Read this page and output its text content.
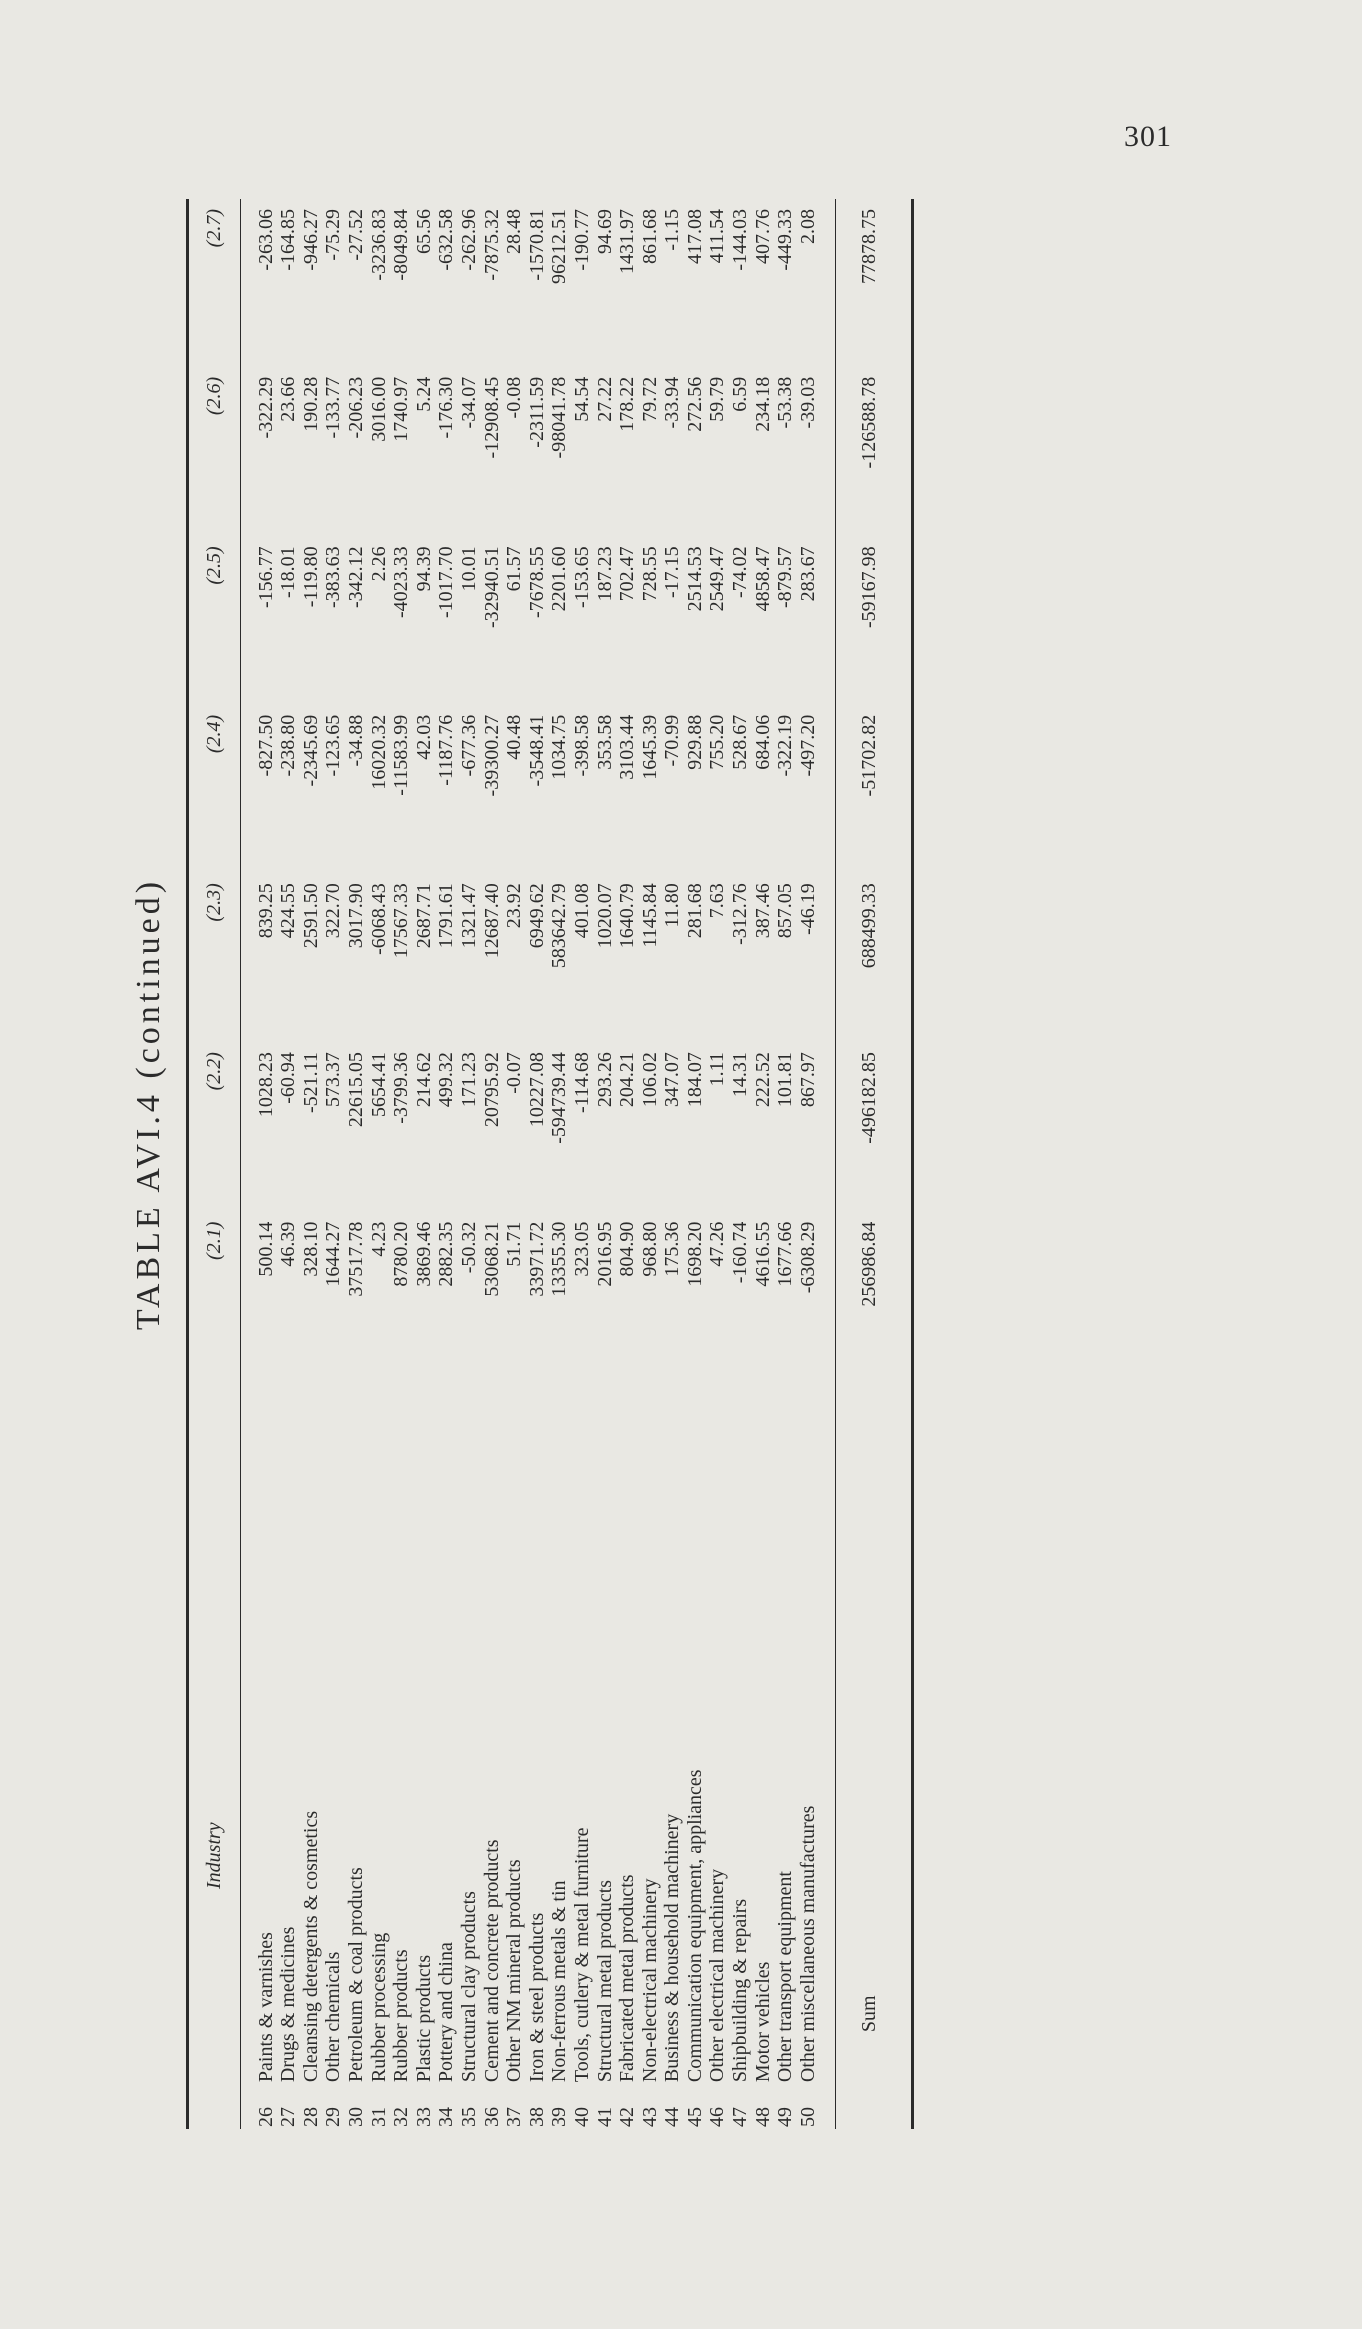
301
TABLE AVI.4 (continued)

Industry		(2.1)	(2.2)	(2.3)	(2.4)	(2.5)	(2.6)	(2.7)
26	Paints & varnishes	500.14	1028.23	839.25	-827.50	-156.77	-322.29	-263.06
27	Drugs & medicines	46.39	-60.94	424.55	-238.80	-18.01	23.66	-164.85
28	Cleansing detergents & cosmetics	328.10	-521.11	2591.50	-2345.69	-119.80	190.28	-946.27
29	Other chemicals	1644.27	573.37	322.70	-123.65	-383.63	-133.77	-75.29
30	Petroleum & coal products	37517.78	22615.05	3017.90	-34.88	-342.12	-206.23	-27.52
31	Rubber processing	4.23	5654.41	-6068.43	16020.32	2.26	3016.00	-3236.83
32	Rubber products	8780.20	-3799.36	17567.33	-11583.99	-4023.33	1740.97	-8049.84
33	Plastic products	3869.46	214.62	2687.71	42.03	94.39	5.24	65.56
34	Pottery and china	2882.35	499.32	1791.61	-1187.76	-1017.70	-176.30	-632.58
35	Structural clay products	-50.32	171.23	1321.47	-677.36	10.01	-34.07	-262.96
36	Cement and concrete products	53068.21	20795.92	12687.40	-39300.27	-32940.51	-12908.45	-7875.32
37	Other NM mineral products	51.71	-0.07	23.92	40.48	61.57	-0.08	28.48
38	Iron & steel products	33971.72	10227.08	6949.62	-3548.41	-7678.55	-2311.59	-1570.81
39	Non-ferrous metals & tin	13355.30	-594739.44	583642.79	1034.75	2201.60	-98041.78	96212.51
40	Tools, cutlery & metal furniture	323.05	-114.68	401.08	-398.58	-153.65	54.54	-190.77
41	Structural metal products	2016.95	293.26	1020.07	353.58	187.23	27.22	94.69
42	Fabricated metal products	804.90	204.21	1640.79	3103.44	702.47	178.22	1431.97
43	Non-electrical machinery	968.80	106.02	1145.84	1645.39	728.55	79.72	861.68
44	Business & household machinery	175.36	347.07	11.80	-70.99	-17.15	-33.94	-1.15
45	Communication equipment, appliances	1698.20	184.07	281.68	929.88	2514.53	272.56	417.08
46	Other electrical machinery	47.26	1.11	7.63	755.20	2549.47	59.79	411.54
47	Shipbuilding & repairs	-160.74	14.31	-312.76	528.67	-74.02	6.59	-144.03
48	Motor vehicles	4616.55	222.52	387.46	684.06	4858.47	234.18	407.76
49	Other transport equipment	1677.66	101.81	857.05	-322.19	-879.57	-53.38	-449.33
50	Other miscellaneous manufactures	-6308.29	867.97	-46.19	-497.20	283.67	-39.03	2.08
	Sum	256986.84	-496182.85	688499.33	-51702.82	-59167.98	-126588.78	77878.75
